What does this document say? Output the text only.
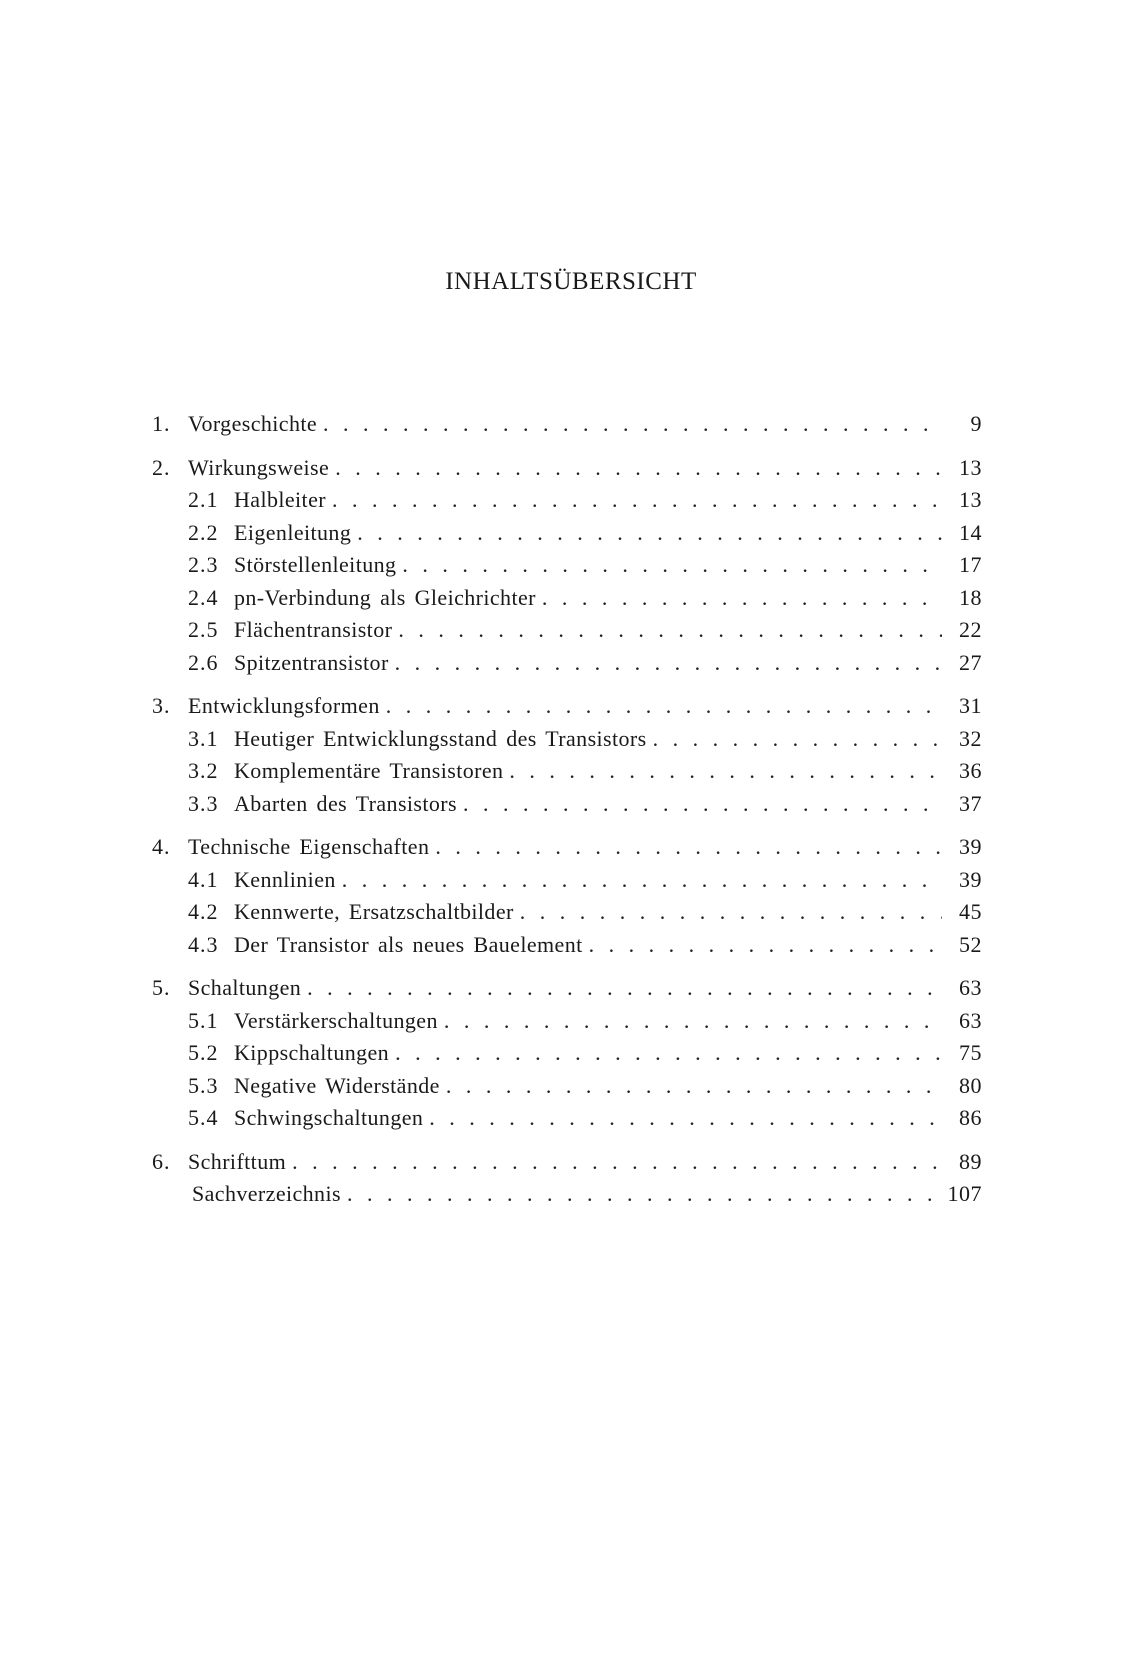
INHALTSÜBERSICHT
1. Vorgeschichte . . .	9
2. Wirkungsweise . . .	13
2.1 Halbleiter . . .	13
2.2 Eigenleitung . . .	14
2.3 Störstellenleitung . . .	17
2.4 pn-Verbindung als Gleichrichter . . .	18
2.5 Flächentransistor . . .	22
2.6 Spitzentransistor . . .	27
3. Entwicklungsformen . . .	31
3.1 Heutiger Entwicklungsstand des Transistors . . .	32
3.2 Komplementäre Transistoren . . .	36
3.3 Abarten des Transistors . . .	37
4. Technische Eigenschaften . . .	39
4.1 Kennlinien . . .	39
4.2 Kennwerte, Ersatzschaltbilder . . .	45
4.3 Der Transistor als neues Bauelement . . .	52
5. Schaltungen . . .	63
5.1 Verstärkerschaltungen . . .	63
5.2 Kippschaltungen . . .	75
5.3 Negative Widerstände . . .	80
5.4 Schwingschaltungen . . .	86
6. Schrifttum . . .	89
Sachverzeichnis . . .	107
